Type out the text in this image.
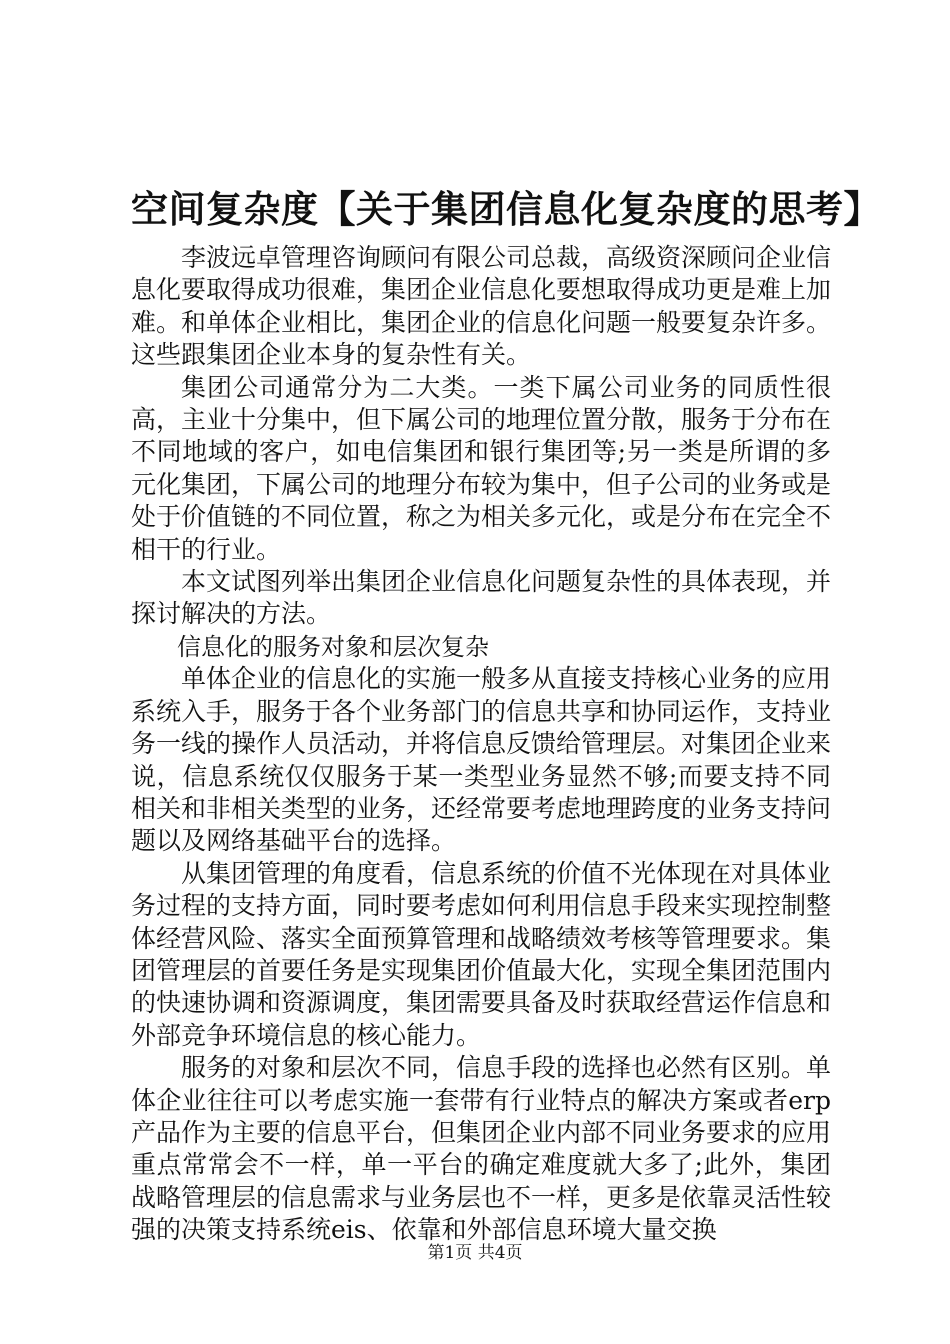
空间复杂度【关于集团信息化复杂度的思考】

李波远卓管理咨询顾问有限公司总裁，高级资深顾问企业信息化要取得成功很难，集团企业信息化要想取得成功更是难上加难。和单体企业相比，集团企业的信息化问题一般要复杂许多。这些跟集团企业本身的复杂性有关。

集团公司通常分为二大类。一类下属公司业务的同质性很高，主业十分集中，但下属公司的地理位置分散，服务于分布在不同地域的客户，如电信集团和银行集团等;另一类是所谓的多元化集团，下属公司的地理分布较为集中，但子公司的业务或是处于价值链的不同位置，称之为相关多元化，或是分布在完全不相干的行业。

本文试图列举出集团企业信息化问题复杂性的具体表现，并探讨解决的方法。

信息化的服务对象和层次复杂

单体企业的信息化的实施一般多从直接支持核心业务的应用系统入手，服务于各个业务部门的信息共享和协同运作，支持业务一线的操作人员活动，并将信息反馈给管理层。对集团企业来说，信息系统仅仅服务于某一类型业务显然不够;而要支持不同相关和非相关类型的业务，还经常要考虑地理跨度的业务支持问题以及网络基础平台的选择。

从集团管理的角度看，信息系统的价值不光体现在对具体业务过程的支持方面，同时要考虑如何利用信息手段来实现控制整体经营风险、落实全面预算管理和战略绩效考核等管理要求。集团管理层的首要任务是实现集团价值最大化，实现全集团范围内的快速协调和资源调度，集团需要具备及时获取经营运作信息和外部竞争环境信息的核心能力。

服务的对象和层次不同，信息手段的选择也必然有区别。单体企业往往可以考虑实施一套带有行业特点的解决方案或者erp产品作为主要的信息平台，但集团企业内部不同业务要求的应用重点常常会不一样，单一平台的确定难度就大多了;此外，集团战略管理层的信息需求与业务层也不一样，更多是依靠灵活性较强的决策支持系统eis、依靠和外部信息环境大量交换

第1页 共4页
